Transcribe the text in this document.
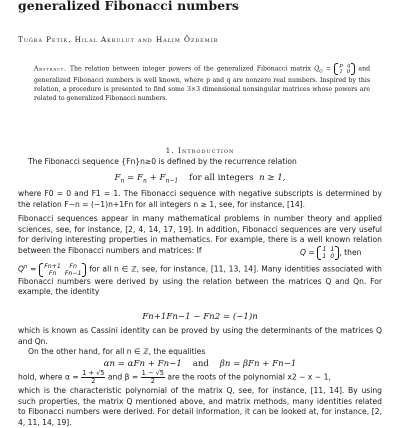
generalized Fibonacci numbers
Tuğba Petik, Hilal Akbulut and Halim Özdemir
Abstract. The relation between integer powers of the generalized Fibonacci matrix $Q_G = p$	q
1	0 and generalized Fibonacci numbers is well known, where p and q are nonzero real numbers. Inspired by this relation, a procedure is presented to find some 3×3 dimensional nonsingular matrices whose powers are related to generalized Fibonacci numbers.
1. Introduction
The Fibonacci sequence {Fn}n≥0 is defined by the recurrence relation
$F_n = F_n + F_{n-1}$ for all integers n ≥ 1,
where F0 = 0 and F1 = 1. The Fibonacci sequence with negative subscripts is determined by the relation F−n = (−1)n+1Fn for all integers n ≥ 1, see, for instance, [14].
Fibonacci sequences appear in many mathematical problems in number theory and applied sciences, see, for instance, [2, 4, 14, 17, 19]. In addition, Fibonacci sequences are very useful for deriving interesting properties in mathematics. For example, there is a well known relation between the Fibonacci numbers and matrices: If	Q = 1	1
1	0 , then
$Q^n = Fn+1$	Fn
Fn	Fn−1 for all n ∈ ℤ, see, for instance, [11, 13, 14]. Many identities associated with Fibonacci numbers were derived by using the relation between the matrices Q and Qn. For example, the identity
Fn+1Fn−1 − Fn2 = (−1)n
which is known as Cassini identity can be proved by using the determinants of the matrices Q and Qn.
On the other hand, for all n ∈ ℤ, the equalities
αn = αFn + Fn−1 and βn = βFn + Fn−1
hold, where $\alpha = \frac{1 + √5}{2}$ and $\beta = \frac{1 - √5}{2}$ are the roots of the polynomial x2 − x − 1,
which is the characteristic polynomial of the matrix Q, see, for instance, [11, 14]. By using such properties, the matrix Q mentioned above, and matrix methods, many identities related to Fibonacci numbers were derived. For detail information, it can be looked at, for instance, [2, 4, 11, 14, 19].
